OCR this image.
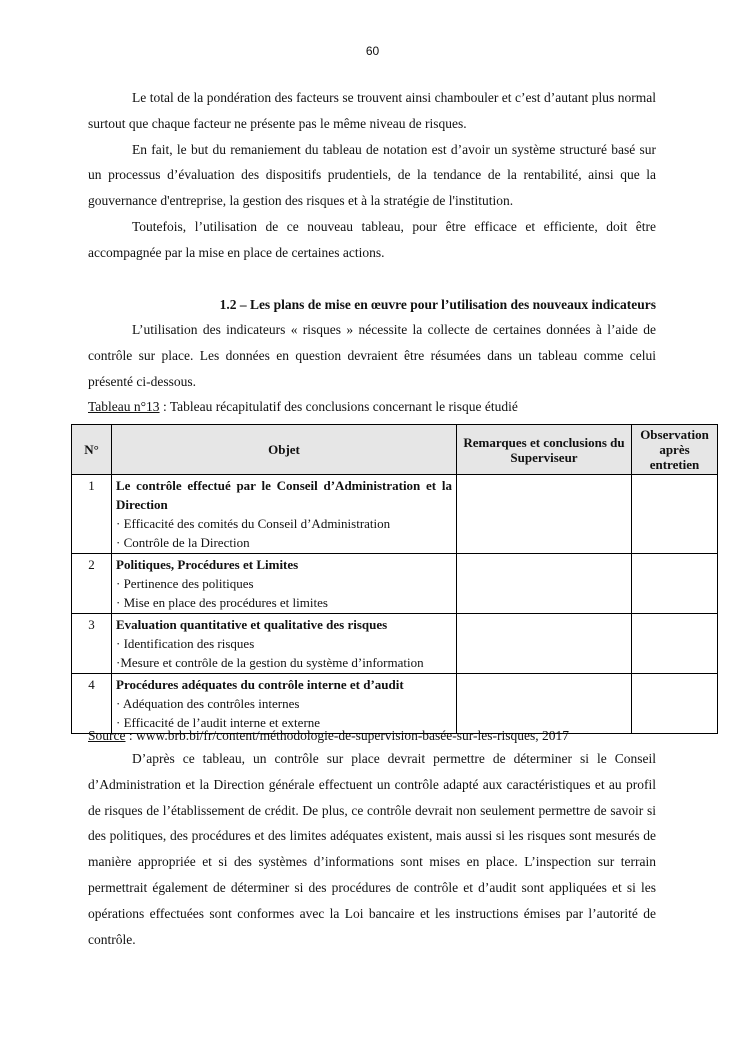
60

Le total de la pondération des facteurs se trouvent ainsi chambouler et c’est d’autant plus normal surtout que chaque facteur ne présente pas le même niveau de risques.

En fait, le but du remaniement du tableau de notation est d’avoir un système structuré basé sur un processus d’évaluation des dispositifs prudentiels, de la tendance de la rentabilité, ainsi que la gouvernance d'entreprise, la gestion des risques et à la stratégie de l'institution.

Toutefois, l’utilisation de ce nouveau tableau, pour être efficace et efficiente, doit être accompagnée par la mise en place de certaines actions.

1.2 – Les plans de mise en œuvre pour l’utilisation des nouveaux indicateurs

L’utilisation des indicateurs « risques » nécessite la collecte de certaines données à l’aide de contrôle sur place. Les données en question devraient être résumées dans un tableau comme celui présenté ci-dessous.

Tableau n°13 : Tableau récapitulatif des conclusions concernant le risque étudié
N°	Objet	Remarques et conclusions du Superviseur	Observation après entretien
1	Le contrôle effectué par le Conseil d’Administration et la Direction
· Efficacité des comités du Conseil d’Administration
· Contrôle de la Direction		

2	Politiques, Procédures et Limites
· Pertinence des politiques
· Mise en place des procédures et limites		

3	Evaluation quantitative et qualitative des risques
· Identification des risques
·Mesure et contrôle de la gestion du système d’information		

4	Procédures adéquates du contrôle interne et d’audit
· Adéquation des contrôles internes
· Efficacité de l’audit interne et externe		

Source : www.brb.bi/fr/content/méthodologie-de-supervision-basée-sur-les-risques, 2017

D’après ce tableau, un contrôle sur place devrait permettre de déterminer si le Conseil d’Administration et la Direction générale effectuent un contrôle adapté aux caractéristiques et au profil de risques de l’établissement de crédit. De plus, ce contrôle devrait non seulement permettre de savoir si des politiques, des procédures et des limites adéquates existent, mais aussi si les risques sont mesurés de manière appropriée et si des systèmes d’informations sont mises en place. L’inspection sur terrain permettrait également de déterminer si des procédures de contrôle et d’audit sont appliquées et si les opérations effectuées sont conformes avec la Loi bancaire et les instructions émises par l’autorité de contrôle.
